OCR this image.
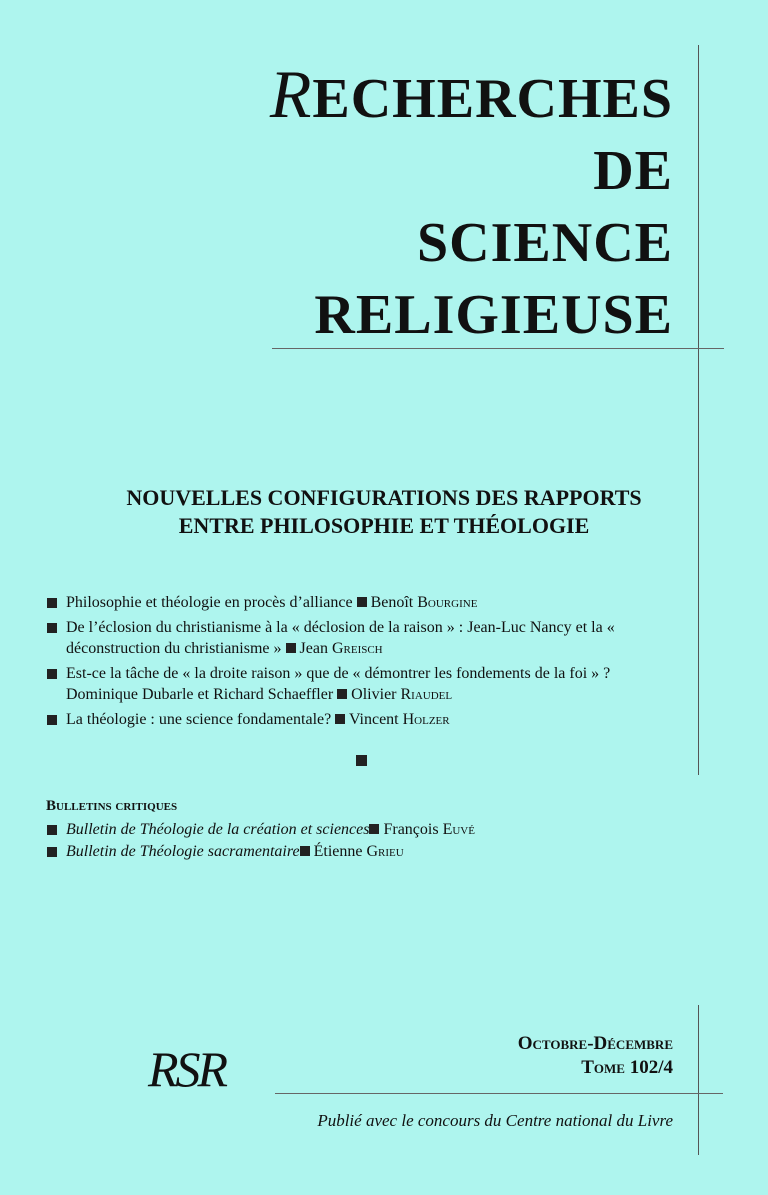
RECHERCHES
DE
SCIENCE
RELIGIEUSE
NOUVELLES CONFIGURATIONS DES RAPPORTS
ENTRE PHILOSOPHIE ET THÉOLOGIE
Philosophie et théologie en procès d’alliance Benoît Bourgine
De l’éclosion du christianisme à la « déclosion de la raison » : Jean-Luc Nancy et la « déconstruction du christianisme » Jean Greisch
Est-ce la tâche de « la droite raison » que de « démontrer les fondements de la foi » ? Dominique Dubarle et Richard Schaeffler Olivier Riaudel
La théologie : une science fondamentale? Vincent Holzer
Bulletins critiques
Bulletin de Théologie de la création et sciences François Euvé
Bulletin de Théologie sacramentaire Étienne Grieu
Octobre-Décembre
Tome 102/4
RSR
Publié avec le concours du Centre national du Livre
